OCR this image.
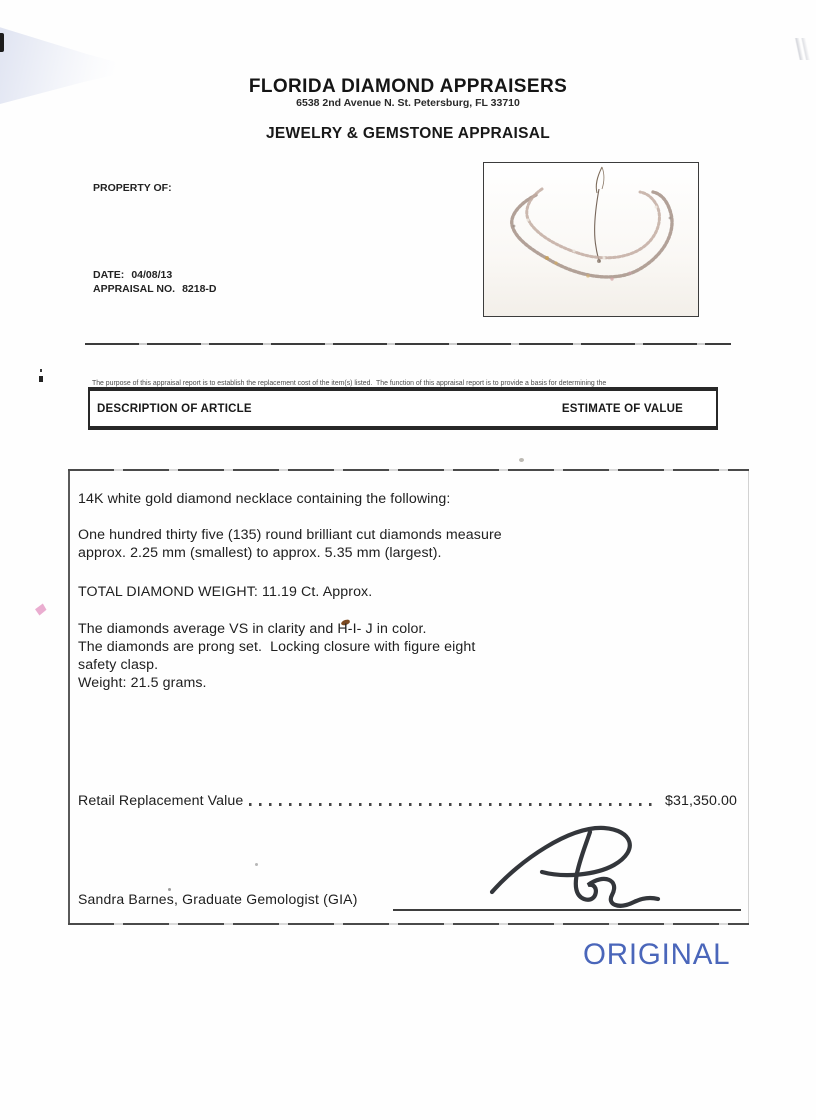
FLORIDA DIAMOND APPRAISERS
6538 2nd Avenue N. St. Petersburg, FL 33710
JEWELRY & GEMSTONE APPRAISAL
PROPERTY OF:
DATE: 04/08/13
APPRAISAL NO. 8218-D

The purpose of this appraisal report is to establish the replacement cost of the item(s) listed.  The function of this appraisal report is to provide a basis for determining the

DESCRIPTION OF ARTICLE	ESTIMATE OF VALUE
14K white gold diamond necklace containing the following:
One hundred thirty five (135) round brilliant cut diamonds measure
approx. 2.25 mm (smallest) to approx. 5.35 mm (largest).
TOTAL DIAMOND WEIGHT: 11.19 Ct. Approx.
The diamonds average VS in clarity and H-I- J in color.
The diamonds are prong set.  Locking closure with figure eight
safety clasp.
Weight: 21.5 grams.
Retail Replacement Value	$31,350.00
Sandra Barnes, Graduate Gemologist (GIA)
ORIGINAL
